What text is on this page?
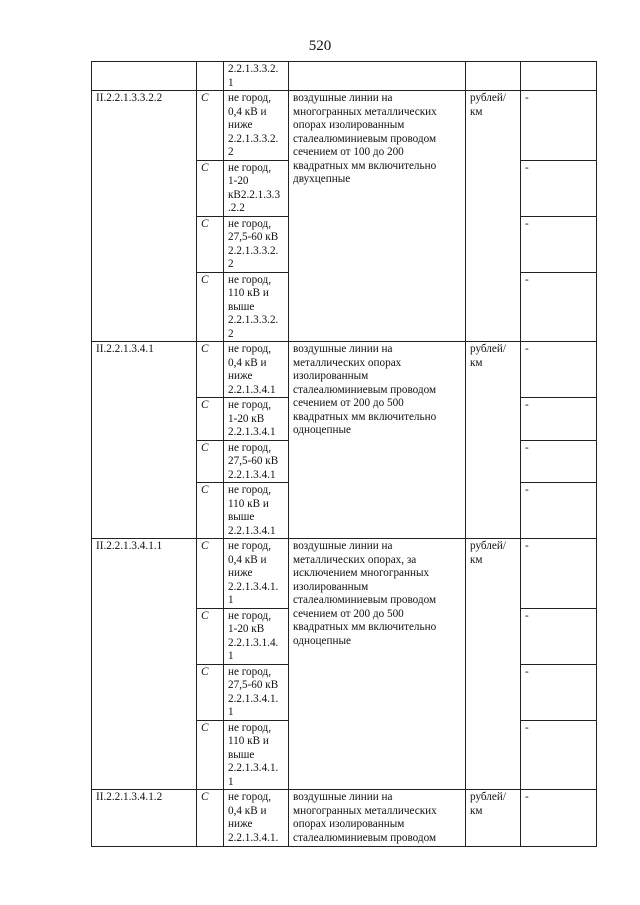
520
		2.2.1.3.3.2.
1			
II.2.2.1.3.3.2.2	С	не город,
0,4 кВ и
ниже
2.2.1.3.3.2.
2	воздушные линии на многогранных металлических опорах изолированным сталеалюминиевым проводом сечением от 100 до 200 квадратных мм включительно двухцепные	рублей/
км	-
	С	не город,
1-20
кВ2.2.1.3.3
.2.2			-
	С	не город,
27,5-60 кВ
2.2.1.3.3.2.
2			-
	С	не город,
110 кВ и
выше
2.2.1.3.3.2.
2			-
II.2.2.1.3.4.1	С	не город,
0,4 кВ и
ниже
2.2.1.3.4.1	воздушные линии на металлических опорах изолированным сталеалюминиевым проводом сечением от 200 до 500 квадратных мм включительно одноцепные	рублей/
км	-
	С	не город,
1-20 кВ
2.2.1.3.4.1			-
	С	не город,
27,5-60 кВ
2.2.1.3.4.1			-
	С	не город,
110 кВ и
выше
2.2.1.3.4.1			-
II.2.2.1.3.4.1.1	С	не город,
0,4 кВ и
ниже
2.2.1.3.4.1.
1	воздушные линии на металлических опорах, за исключением многогранных изолированным сталеалюминиевым проводом сечением от 200 до 500 квадратных мм включительно одноцепные	рублей/
км	-
	С	не город,
1-20 кВ
2.2.1.3.1.4.
1			-
	С	не город,
27,5-60 кВ
2.2.1.3.4.1.
1			-
	С	не город,
110 кВ и
выше
2.2.1.3.4.1.
1			-
II.2.2.1.3.4.1.2	С	не город,
0,4 кВ и
ниже
2.2.1.3.4.1.	воздушные линии на многогранных металлических опорах изолированным сталеалюминиевым проводом	рублей/
км	-
